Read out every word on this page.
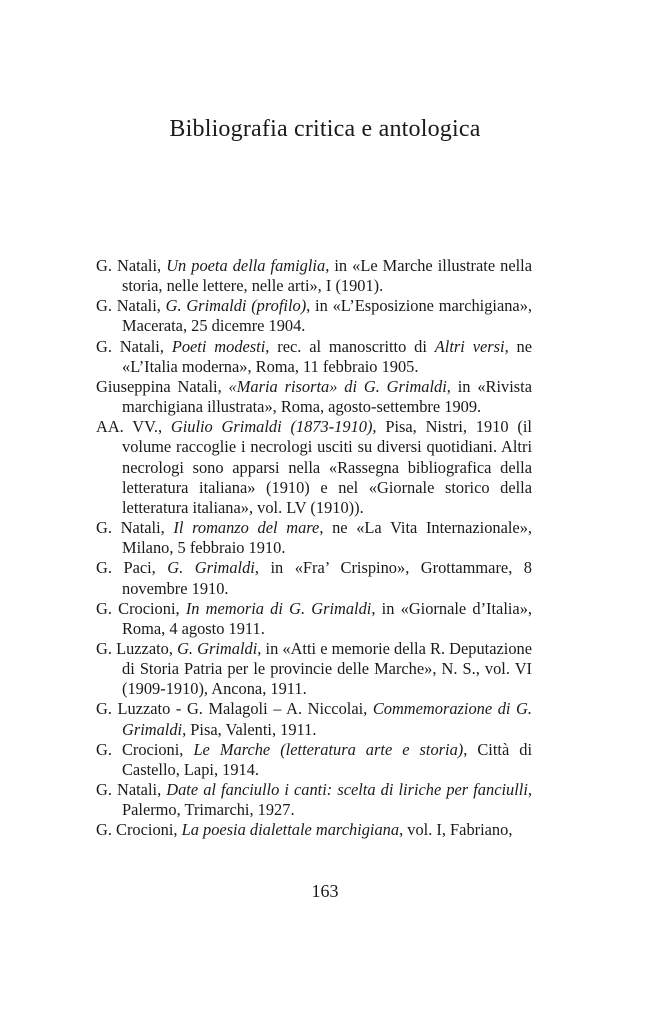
Bibliografia critica e antologica
G. Natali, Un poeta della famiglia, in «Le Marche illustrate nella storia, nelle lettere, nelle arti», I (1901).
G. Natali, G. Grimaldi (profilo), in «L’Esposizione marchigiana», Macerata, 25 dicemre 1904.
G. Natali, Poeti modesti, rec. al manoscritto di Altri versi, ne «L’Italia moderna», Roma, 11 febbraio 1905.
Giuseppina Natali, «Maria risorta» di G. Grimaldi, in «Rivista marchigiana illustrata», Roma, agosto-settembre 1909.
AA. VV., Giulio Grimaldi (1873-1910), Pisa, Nistri, 1910 (il volume raccoglie i necrologi usciti su diversi quotidiani. Altri necrologi sono apparsi nella «Rassegna bibliografica della letteratura italiana» (1910) e nel «Giornale storico della letteratura italiana», vol. LV (1910)).
G. Natali, Il romanzo del mare, ne «La Vita Internazionale», Milano, 5 febbraio 1910.
G. Paci, G. Grimaldi, in «Fra’ Crispino», Grottammare, 8 novembre 1910.
G. Crocioni, In memoria di G. Grimaldi, in «Giornale d’Italia», Roma, 4 agosto 1911.
G. Luzzato, G. Grimaldi, in «Atti e memorie della R. Deputazione di Storia Patria per le provincie delle Marche», N. S., vol. VI (1909-1910), Ancona, 1911.
G. Luzzato - G. Malagoli – A. Niccolai, Commemorazione di G. Grimaldi, Pisa, Valenti, 1911.
G. Crocioni, Le Marche (letteratura arte e storia), Città di Castello, Lapi, 1914.
G. Natali, Date al fanciullo i canti: scelta di liriche per fanciulli, Palermo, Trimarchi, 1927.
G. Crocioni, La poesia dialettale marchigiana, vol. I, Fabriano,
163
